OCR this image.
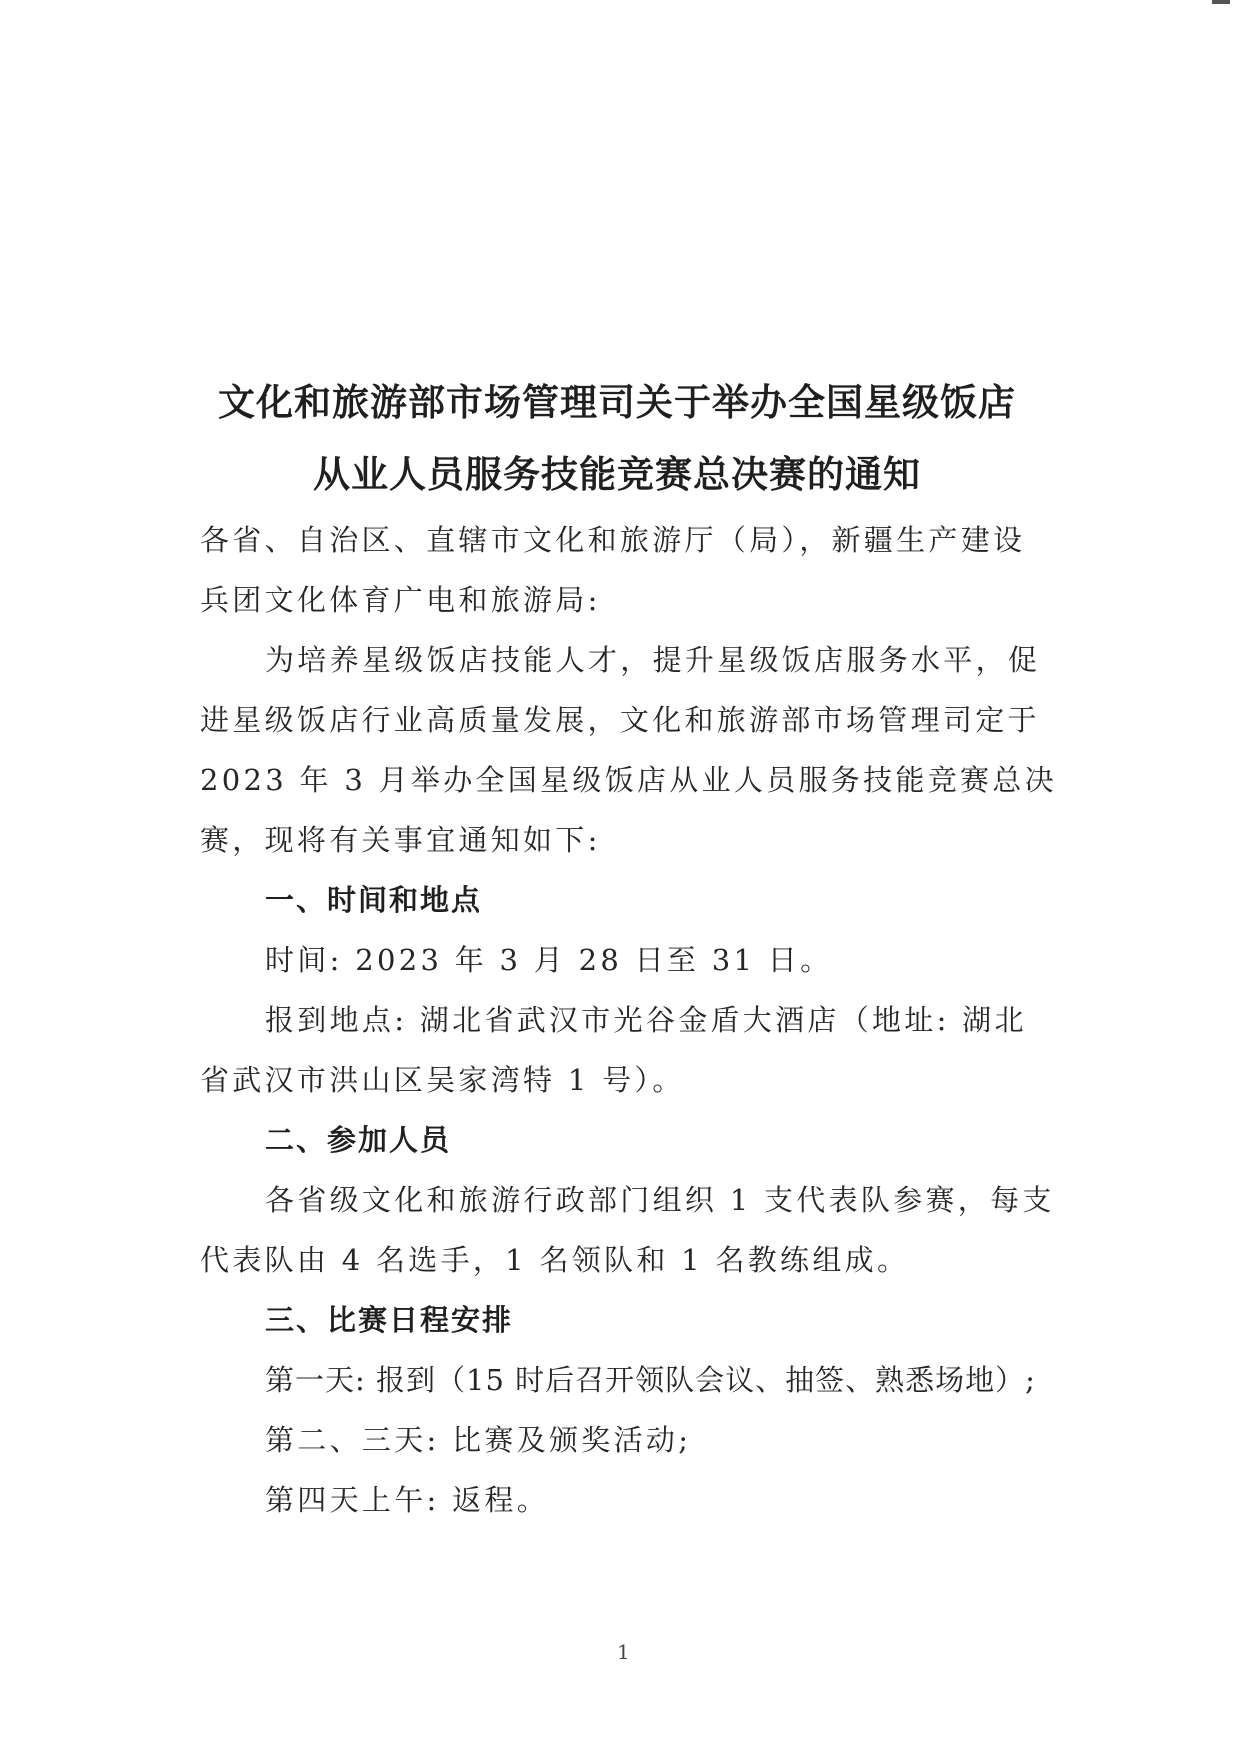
文化和旅游部市场管理司关于举办全国星级饭店
从业人员服务技能竞赛总决赛的通知
各省、自治区、直辖市文化和旅游厅（局），新疆生产建设
兵团文化体育广电和旅游局:
为培养星级饭店技能人才，提升星级饭店服务水平，促
进星级饭店行业高质量发展，文化和旅游部市场管理司定于
2023 年 3 月举办全国星级饭店从业人员服务技能竞赛总决
赛，现将有关事宜通知如下:
一、时间和地点
时间: 2023 年 3 月 28 日至 31 日。
报到地点: 湖北省武汉市光谷金盾大酒店（地址: 湖北
省武汉市洪山区吴家湾特 1 号）。
二、参加人员
各省级文化和旅游行政部门组织 1 支代表队参赛，每支
代表队由 4 名选手，1 名领队和 1 名教练组成。
三、比赛日程安排
第一天: 报到（15 时后召开领队会议、抽签、熟悉场地）;
第二、三天: 比赛及颁奖活动;
第四天上午: 返程。
1
